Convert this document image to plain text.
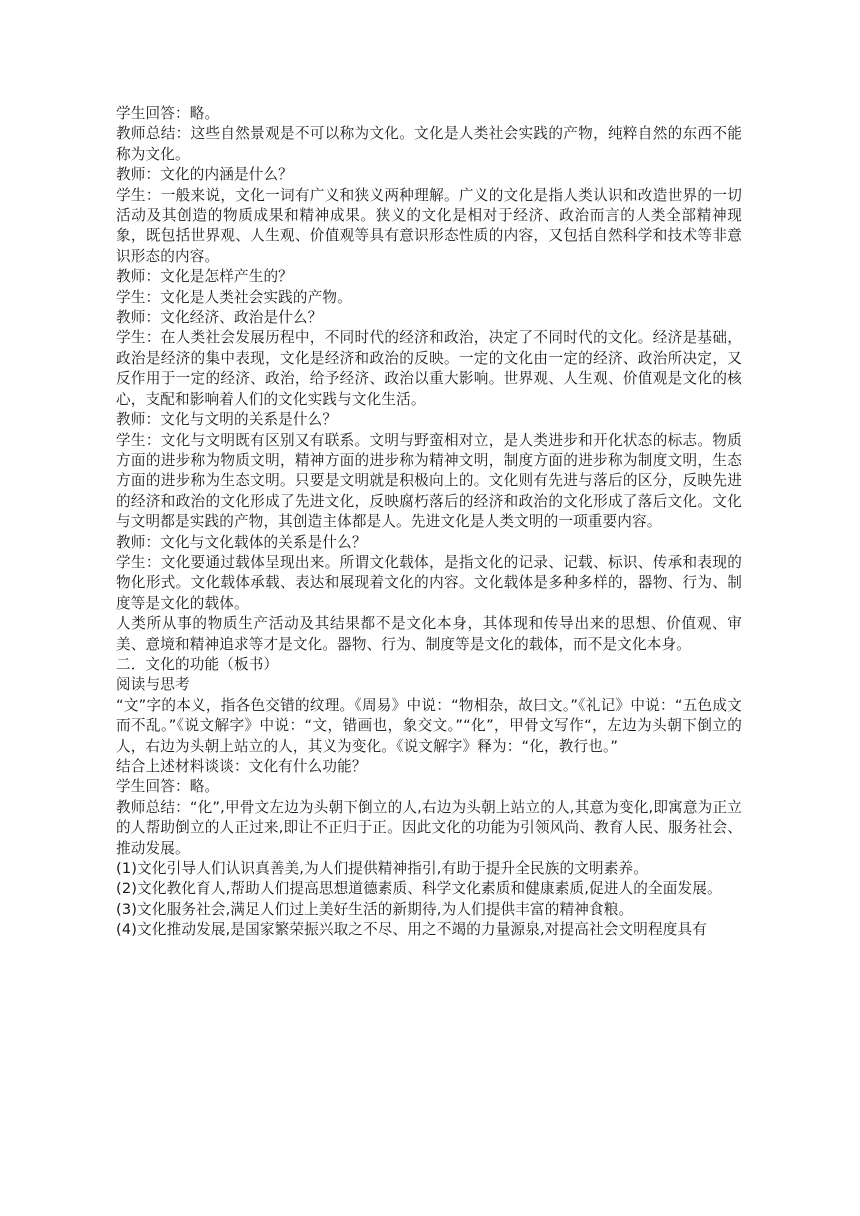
学生回答：略。

教师总结：这些自然景观是不可以称为文化。文化是人类社会实践的产物，纯粹自然的东西不能称为文化。

教师：文化的内涵是什么？

学生：一般来说，文化一词有广义和狭义两种理解。广义的文化是指人类认识和改造世界的一切活动及其创造的物质成果和精神成果。狭义的文化是相对于经济、政治而言的人类全部精神现象，既包括世界观、人生观、价值观等具有意识形态性质的内容，又包括自然科学和技术等非意识形态的内容。

教师：文化是怎样产生的？

学生：文化是人类社会实践的产物。

教师：文化经济、政治是什么？

学生：在人类社会发展历程中，不同时代的经济和政治，决定了不同时代的文化。经济是基础，政治是经济的集中表现，文化是经济和政治的反映。一定的文化由一定的经济、政治所决定，又反作用于一定的经济、政治，给予经济、政治以重大影响。世界观、人生观、价值观是文化的核心，支配和影响着人们的文化实践与文化生活。

教师：文化与文明的关系是什么？

学生：文化与文明既有区别又有联系。文明与野蛮相对立，是人类进步和开化状态的标志。物质方面的进步称为物质文明，精神方面的进步称为精神文明，制度方面的进步称为制度文明，生态方面的进步称为生态文明。只要是文明就是积极向上的。文化则有先进与落后的区分，反映先进的经济和政治的文化形成了先进文化，反映腐朽落后的经济和政治的文化形成了落后文化。文化与文明都是实践的产物，其创造主体都是人。先进文化是人类文明的一项重要内容。

教师：文化与文化载体的关系是什么？

学生：文化要通过载体呈现出来。所谓文化载体，是指文化的记录、记载、标识、传承和表现的物化形式。文化载体承载、表达和展现着文化的内容。文化载体是多种多样的，器物、行为、制度等是文化的载体。

人类所从事的物质生产活动及其结果都不是文化本身，其体现和传导出来的思想、价值观、审美、意境和精神追求等才是文化。器物、行为、制度等是文化的载体，而不是文化本身。

二．文化的功能（板书）

阅读与思考

“文”字的本义，指各色交错的纹理。《周易》中说：“物相杂，故曰文。”《礼记》中说：“五色成文而不乱。”《说文解字》中说：“文，错画也，象交文。”“化”，甲骨文写作“，左边为头朝下倒立的人，右边为头朝上站立的人，其义为变化。《说文解字》释为：“化，教行也。”

结合上述材料谈谈：文化有什么功能？

学生回答：略。

教师总结：“化”,甲骨文左边为头朝下倒立的人,右边为头朝上站立的人,其意为变化,即寓意为正立的人帮助倒立的人正过来,即让不正归于正。因此文化的功能为引领风尚、教育人民、服务社会、推动发展。

(1)文化引导人们认识真善美,为人们提供精神指引,有助于提升全民族的文明素养。

(2)文化教化育人,帮助人们提高思想道德素质、科学文化素质和健康素质,促进人的全面发展。

(3)文化服务社会,满足人们过上美好生活的新期待,为人们提供丰富的精神食粮。

(4)文化推动发展,是国家繁荣振兴取之不尽、用之不竭的力量源泉,对提高社会文明程度具有
